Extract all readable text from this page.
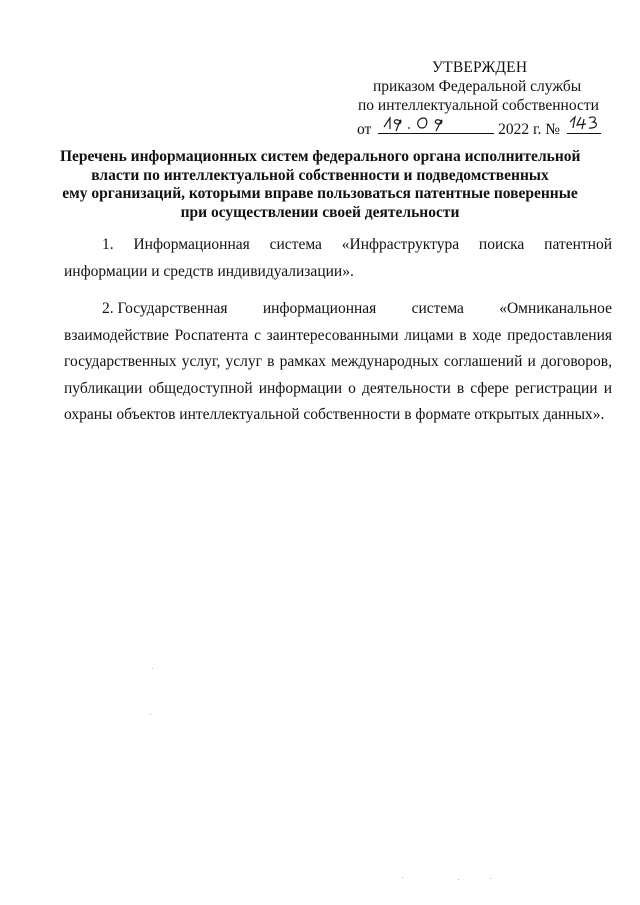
УТВЕРЖДЕН
приказом Федеральной службы
по интеллектуальной собственности
от	2022 г. №
Перечень информационных систем федерального органа исполнительной
власти по интеллектуальной собственности и подведомственных
ему организаций, которыми вправе пользоваться патентные поверенные
при осуществлении своей деятельности

1. Информационная система «Инфраструктура поиска патентной информации и средств индивидуализации».

2. Государственная информационная система «Омниканальное

взаимодействие Роспатента с заинтересованными лицами в ходе предоставления государственных услуг, услуг в рамках международных соглашений и договоров, публикации общедоступной информации о деятельности в сфере регистрации и охраны объектов интеллектуальной собственности в формате открытых данных».
